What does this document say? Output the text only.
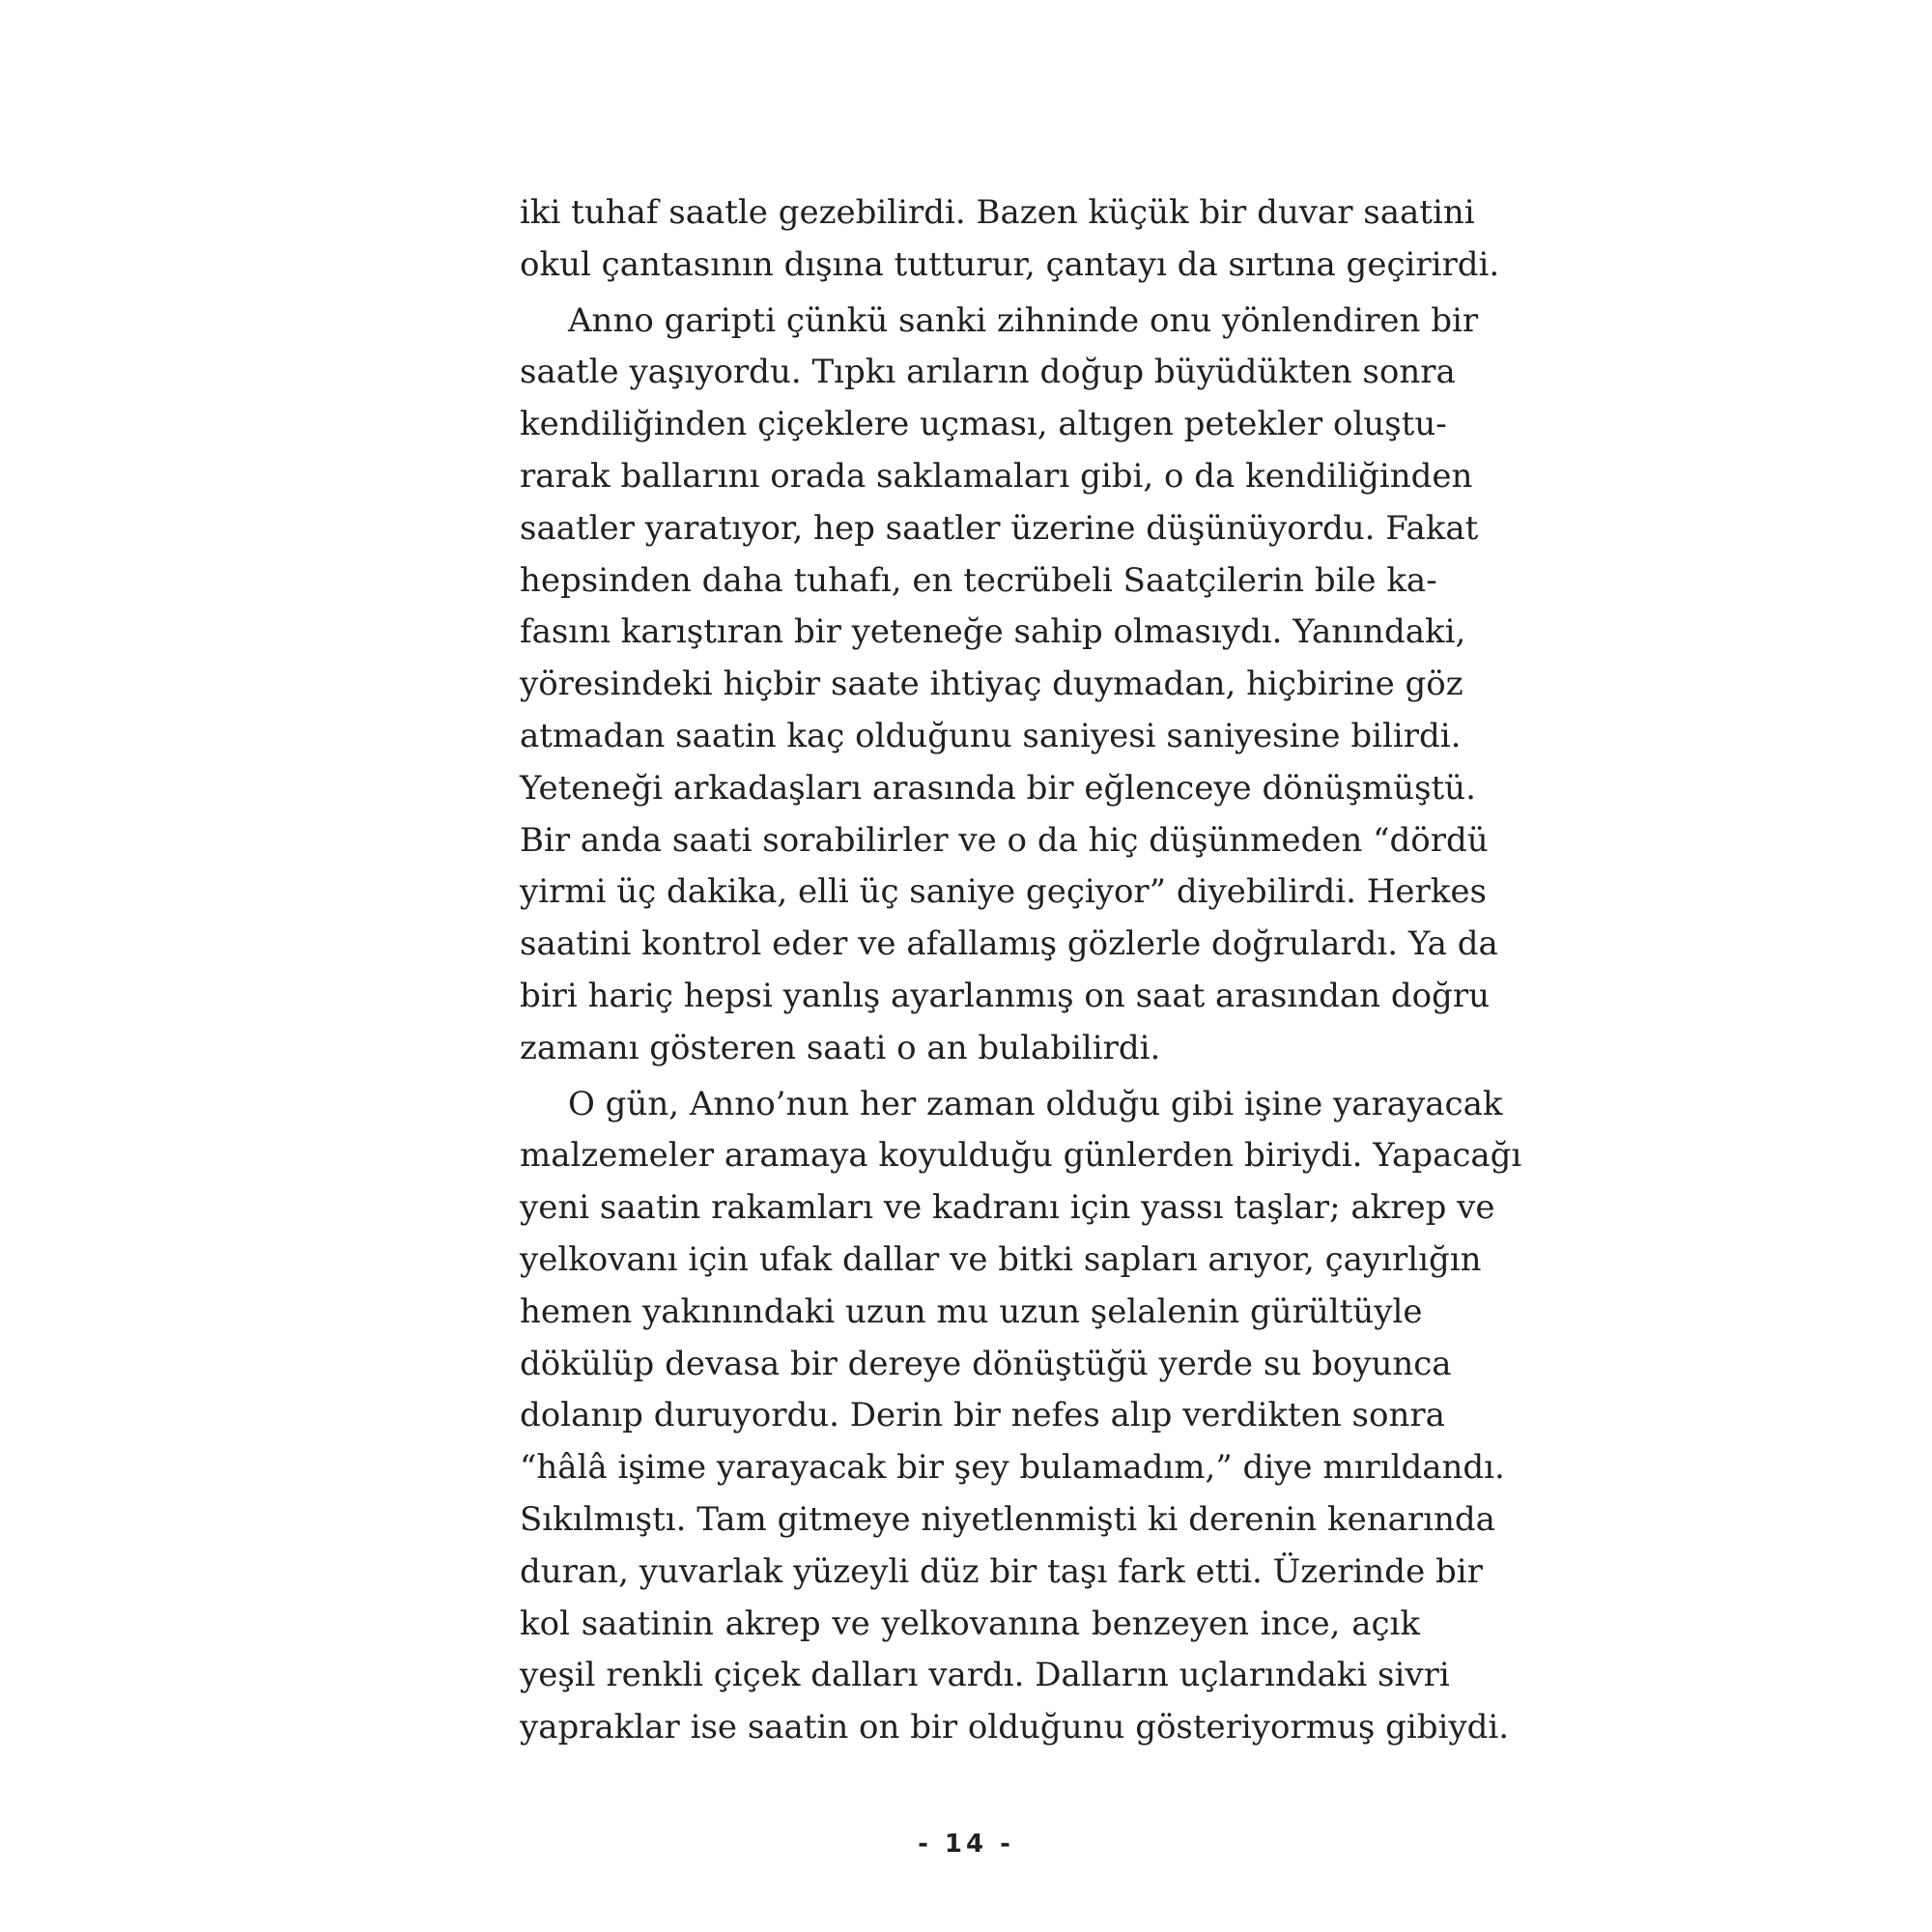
iki tuhaf saatle gezebilirdi. Bazen küçük bir duvar saatini
okul çantasının dışına tutturur, çantayı da sırtına geçirirdi.
Anno garipti çünkü sanki zihninde onu yönlendiren bir
saatle yaşıyordu. Tıpkı arıların doğup büyüdükten sonra
kendiliğinden çiçeklere uçması, altıgen petekler oluştu-
rarak ballarını orada saklamaları gibi, o da kendiliğinden
saatler yaratıyor, hep saatler üzerine düşünüyordu. Fakat
hepsinden daha tuhafı, en tecrübeli Saatçilerin bile ka-
fasını karıştıran bir yeteneğe sahip olmasıydı. Yanındaki,
yöresindeki hiçbir saate ihtiyaç duymadan, hiçbirine göz
atmadan saatin kaç olduğunu saniyesi saniyesine bilirdi.
Yeteneği arkadaşları arasında bir eğlenceye dönüşmüştü.
Bir anda saati sorabilirler ve o da hiç düşünmeden “dördü
yirmi üç dakika, elli üç saniye geçiyor” diyebilirdi. Herkes
saatini kontrol eder ve afallamış gözlerle doğrulardı. Ya da
biri hariç hepsi yanlış ayarlanmış on saat arasından doğru
zamanı gösteren saati o an bulabilirdi.
O gün, Anno’nun her zaman olduğu gibi işine yarayacak
malzemeler aramaya koyulduğu günlerden biriydi. Yapacağı
yeni saatin rakamları ve kadranı için yassı taşlar; akrep ve
yelkovanı için ufak dallar ve bitki sapları arıyor, çayırlığın
hemen yakınındaki uzun mu uzun şelalenin gürültüyle
dökülüp devasa bir dereye dönüştüğü yerde su boyunca
dolanıp duruyordu. Derin bir nefes alıp verdikten sonra
“hâlâ işime yarayacak bir şey bulamadım,” diye mırıldandı.
Sıkılmıştı. Tam gitmeye niyetlenmişti ki derenin kenarında
duran, yuvarlak yüzeyli düz bir taşı fark etti. Üzerinde bir
kol saatinin akrep ve yelkovanına benzeyen ince, açık
yeşil renkli çiçek dalları vardı. Dalların uçlarındaki sivri
yapraklar ise saatin on bir olduğunu gösteriyormuş gibiydi.
- 14 -
